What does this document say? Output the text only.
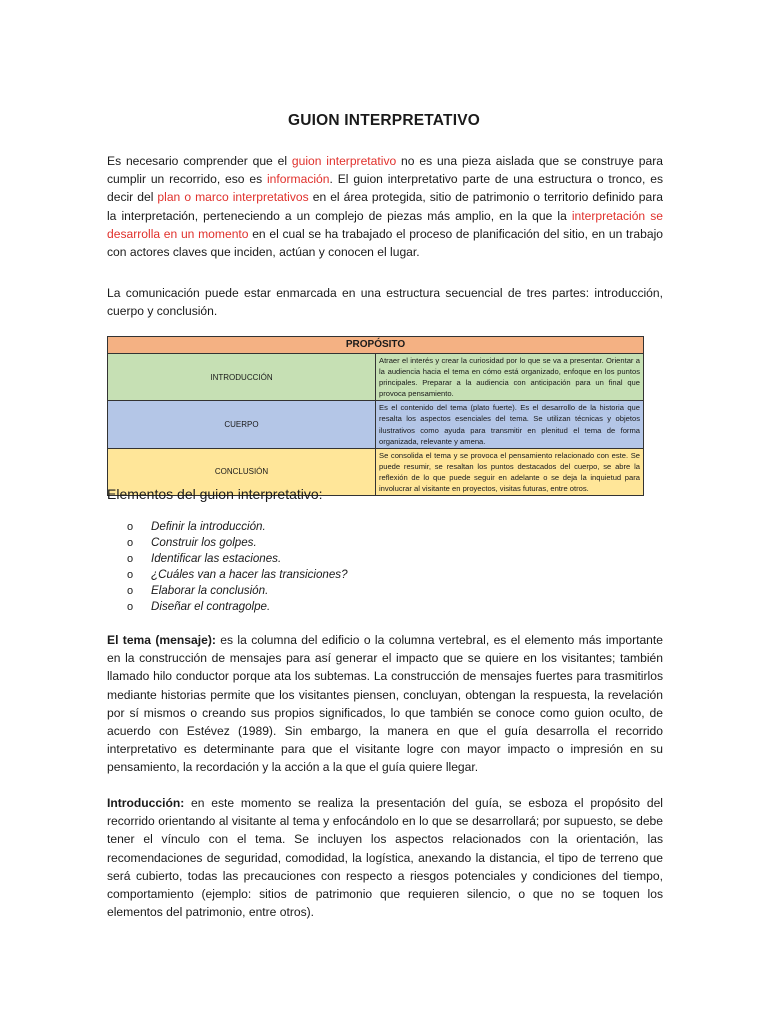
GUION INTERPRETATIVO

Es necesario comprender que el guion interpretativo no es una pieza aislada que se construye para cumplir un recorrido, eso es información. El guion interpretativo parte de una estructura o tronco, es decir del plan o marco interpretativos en el área protegida, sitio de patrimonio o territorio definido para la interpretación, perteneciendo a un complejo de piezas más amplio, en la que la interpretación se desarrolla en un momento en el cual se ha trabajado el proceso de planificación del sitio, en un trabajo con actores claves que inciden, actúan y conocen el lugar.

La comunicación puede estar enmarcada en una estructura secuencial de tres partes: introducción, cuerpo y conclusión.

PROPÓSITO	
INTRODUCCIÓN	Atraer el interés y crear la curiosidad por lo que se va a presentar. Orientar a la audiencia hacia el tema en cómo está organizado, enfoque en los puntos principales. Preparar a la audiencia con anticipación para un final que provoca pensamiento.
CUERPO	Es el contenido del tema (plato fuerte). Es el desarrollo de la historia que resalta los aspectos esenciales del tema. Se utilizan técnicas y objetos ilustrativos como ayuda para transmitir en plenitud el tema de forma organizada, relevante y amena.
CONCLUSIÓN	Se consolida el tema y se provoca el pensamiento relacionado con este. Se puede resumir, se resaltan los puntos destacados del cuerpo, se abre la reflexión de lo que puede seguir en adelante o se deja la inquietud para involucrar al visitante en proyectos, visitas futuras, entre otros.
Elementos del guion interpretativo:
o Definir la introducción.
o Construir los golpes.
o Identificar las estaciones.
o ¿Cuáles van a hacer las transiciones?
o Elaborar la conclusión.
o Diseñar el contragolpe.

El tema (mensaje): es la columna del edificio o la columna vertebral, es el elemento más importante en la construcción de mensajes para así generar el impacto que se quiere en los visitantes; también llamado hilo conductor porque ata los subtemas. La construcción de mensajes fuertes para trasmitirlos mediante historias permite que los visitantes piensen, concluyan, obtengan la respuesta, la revelación por sí mismos o creando sus propios significados, lo que también se conoce como guion oculto, de acuerdo con Estévez (1989). Sin embargo, la manera en que el guía desarrolla el recorrido interpretativo es determinante para que el visitante logre con mayor impacto o impresión en su pensamiento, la recordación y la acción a la que el guía quiere llegar.

Introducción: en este momento se realiza la presentación del guía, se esboza el propósito del recorrido orientando al visitante al tema y enfocándolo en lo que se desarrollará; por supuesto, se debe tener el vínculo con el tema. Se incluyen los aspectos relacionados con la orientación, las recomendaciones de seguridad, comodidad, la logística, anexando la distancia, el tipo de terreno que será cubierto, todas las precauciones con respecto a riesgos potenciales y condiciones del tiempo, comportamiento (ejemplo: sitios de patrimonio que requieren silencio, o que no se toquen los elementos del patrimonio, entre otros).
